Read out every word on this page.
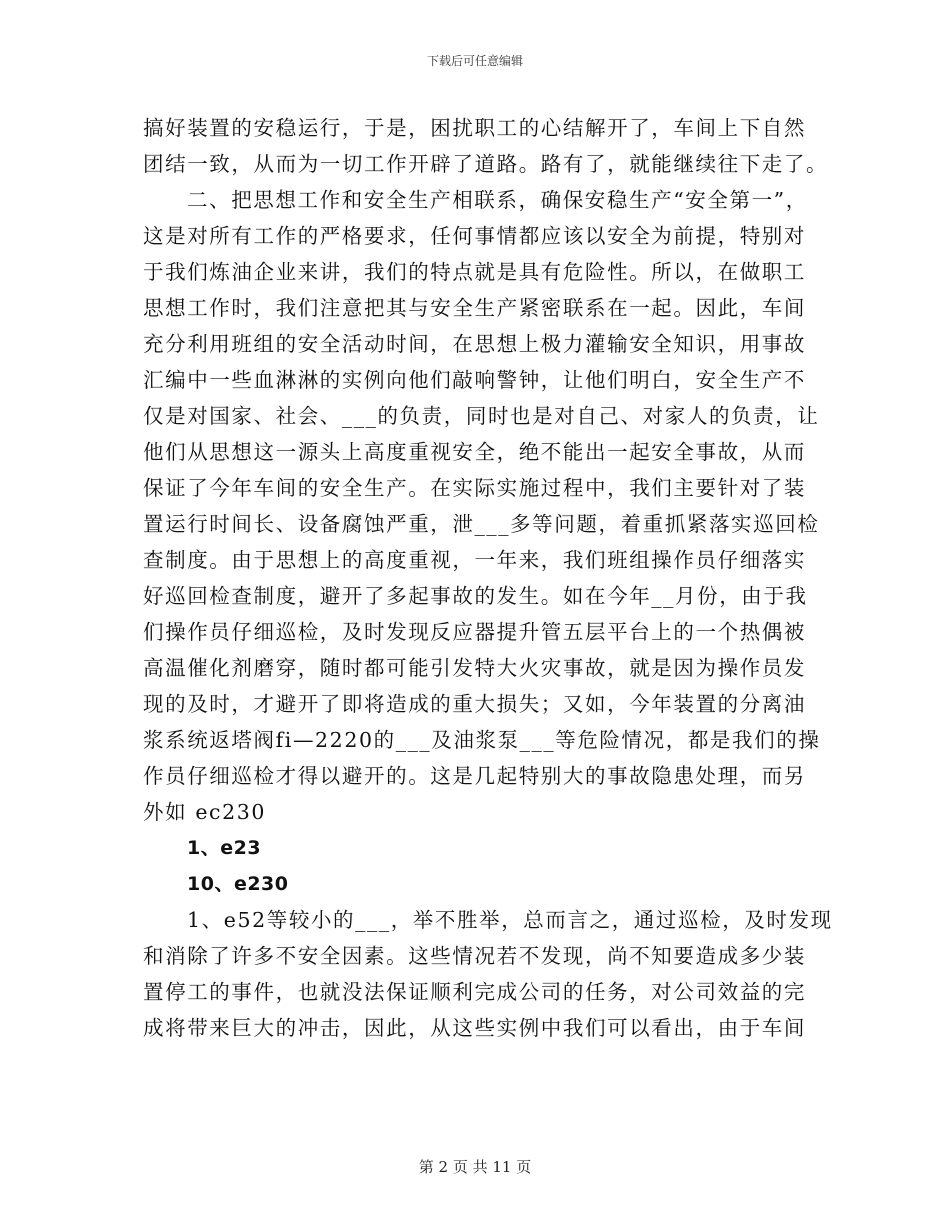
下载后可任意编辑
搞好装置的安稳运行，于是，困扰职工的心结解开了，车间上下自然
团结一致，从而为一切工作开辟了道路。路有了，就能继续往下走了。
二、把思想工作和安全生产相联系，确保安稳生产“安全第一”，
这是对所有工作的严格要求，任何事情都应该以安全为前提，特别对
于我们炼油企业来讲，我们的特点就是具有危险性。所以，在做职工
思想工作时，我们注意把其与安全生产紧密联系在一起。因此，车间
充分利用班组的安全活动时间，在思想上极力灌输安全知识，用事故
汇编中一些血淋淋的实例向他们敲响警钟，让他们明白，安全生产不
仅是对国家、社会、___的负责，同时也是对自己、对家人的负责，让
他们从思想这一源头上高度重视安全，绝不能出一起安全事故，从而
保证了今年车间的安全生产。在实际实施过程中，我们主要针对了装
置运行时间长、设备腐蚀严重，泄___多等问题，着重抓紧落实巡回检
查制度。由于思想上的高度重视，一年来，我们班组操作员仔细落实
好巡回检查制度，避开了多起事故的发生。如在今年__月份，由于我
们操作员仔细巡检，及时发现反应器提升管五层平台上的一个热偶被
高温催化剂磨穿，随时都可能引发特大火灾事故，就是因为操作员发
现的及时，才避开了即将造成的重大损失；又如，今年装置的分离油
浆系统返塔阀fi—2220的___及油浆泵___等危险情况，都是我们的操
作员仔细巡检才得以避开的。这是几起特别大的事故隐患处理，而另
外如 ec230
1、e23
10、e230
1、e52等较小的___，举不胜举，总而言之，通过巡检，及时发现
和消除了许多不安全因素。这些情况若不发现，尚不知要造成多少装
置停工的事件，也就没法保证顺利完成公司的任务，对公司效益的完
成将带来巨大的冲击，因此，从这些实例中我们可以看出，由于车间
第 2 页 共 11 页
